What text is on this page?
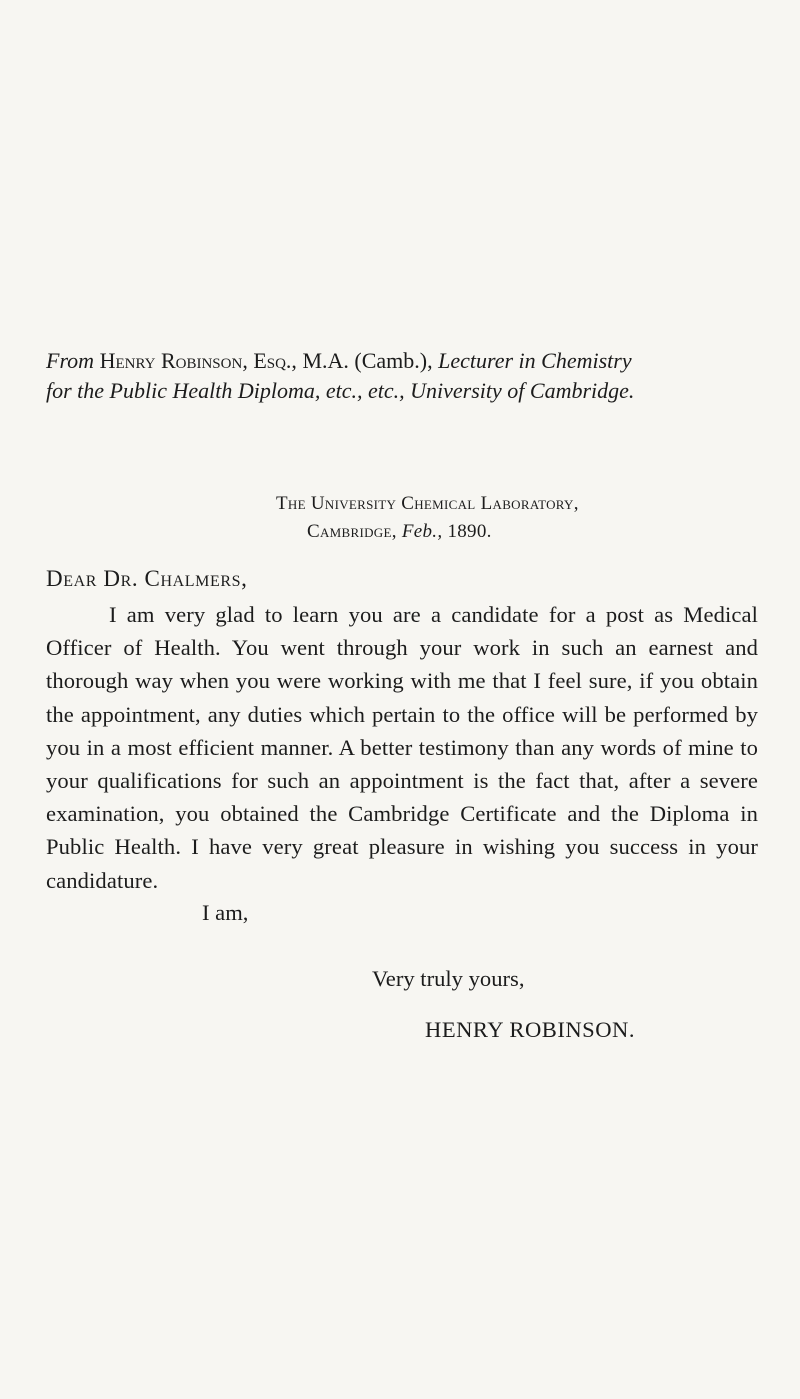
From Henry Robinson, Esq., M.A. (Camb.), Lecturer in Chemistry
for the Public Health Diploma, etc., etc., University of Cambridge.
The University Chemical Laboratory,
Cambridge, Feb., 1890.
Dear Dr. Chalmers,

I am very glad to learn you are a candidate for a post as Medical Officer of Health. You went through your work in such an earnest and thorough way when you were working with me that I feel sure, if you obtain the appointment, any duties which pertain to the office will be performed by you in a most efficient manner. A better testimony than any words of mine to your qualifications for such an appointment is the fact that, after a severe examination, you obtained the Cambridge Certificate and the Diploma in Public Health. I have very great pleasure in wishing you success in your candidature.

I am,
Very truly yours,
HENRY ROBINSON.
